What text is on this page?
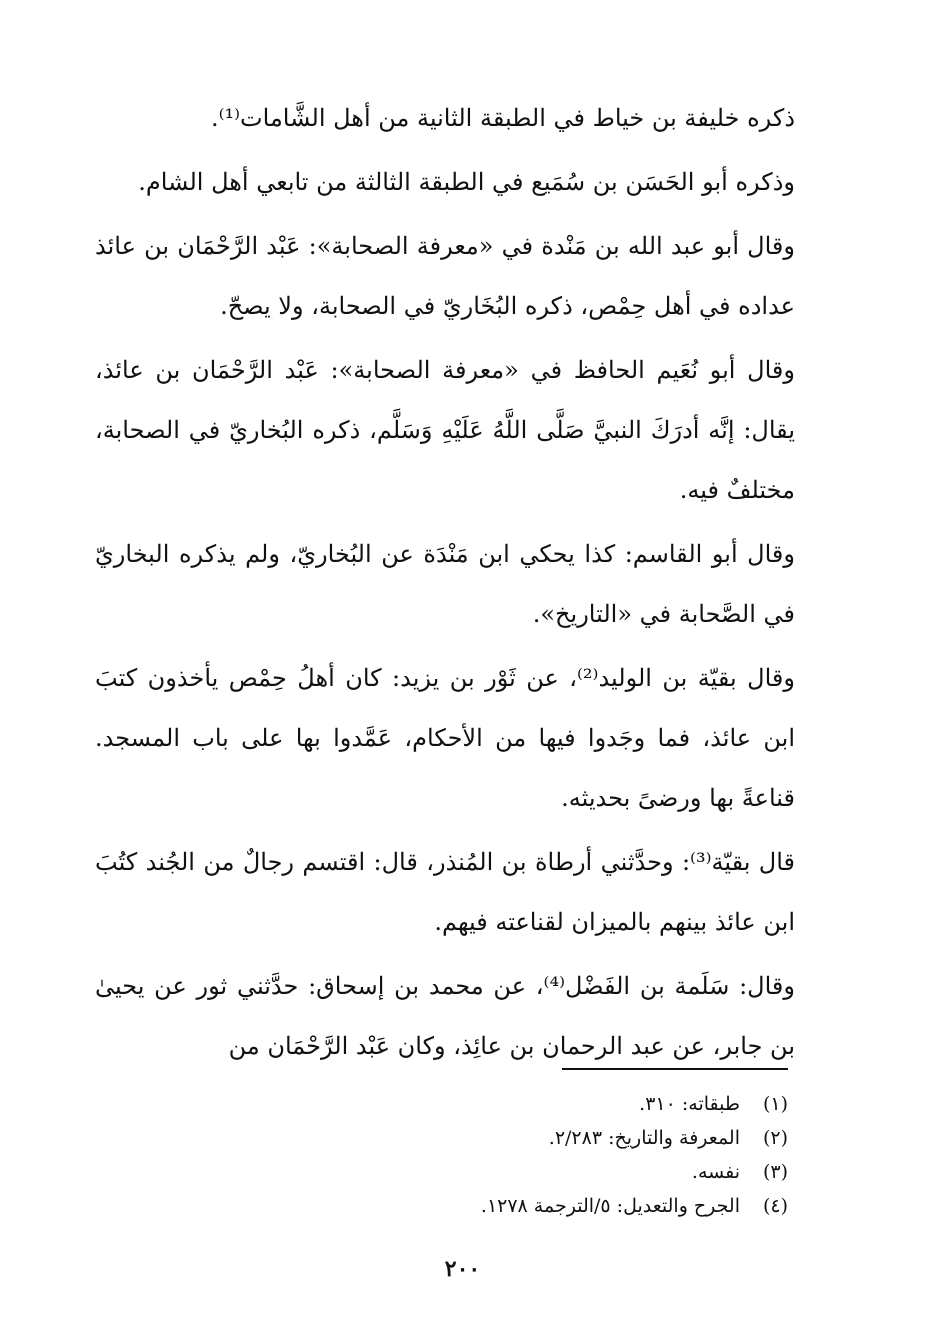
ذكره خليفة بن خياط في الطبقة الثانية من أهل الشَّامات⁽¹⁾.

وذكره أبو الحَسَن بن سُمَيع في الطبقة الثالثة من تابعي أهل الشام.

وقال أبو عبد الله بن مَنْدة في «معرفة الصحابة»: عَبْد الرَّحْمَان بن عائذ عداده في أهل حِمْص، ذكره البُخَاريّ في الصحابة، ولا يصحّ.

وقال أبو نُعَيم الحافظ في «معرفة الصحابة»: عَبْد الرَّحْمَان بن عائذ، يقال: إنَّه أدرَكَ النبيَّ صَلَّى اللَّهُ عَلَيْهِ وَسَلَّم، ذكره البُخاريّ في الصحابة، مختلفٌ فيه.

وقال أبو القاسم: كذا يحكي ابن مَنْدَة عن البُخاريّ، ولم يذكره البخاريّ في الصَّحابة في «التاريخ».

وقال بقيّة بن الوليد⁽²⁾، عن ثَوْر بن يزيد: كان أهلُ حِمْص يأخذون كتبَ ابن عائذ، فما وجَدوا فيها من الأحكام، عَمَّدوا بها على باب المسجد. قناعةً بها ورضىً بحديثه.

قال بقيّة⁽³⁾: وحدَّثني أرطاة بن المُنذر، قال: اقتسم رجالٌ من الجُند كتُبَ ابن عائذ بينهم بالميزان لقناعته فيهم.

وقال: سَلَمة بن الفَضْل⁽⁴⁾، عن محمد بن إسحاق: حدَّثني ثور عن يحيىٰ بن جابر، عن عبد الرحمان بن عائِذ، وكان عَبْد الرَّحْمَان من

(١)
طبقاته: ٣١٠.
(٢)
المعرفة والتاريخ: ٢/٢٨٣.
(٣)
نفسه.
(٤)
الجرح والتعديل: ٥/الترجمة ١٢٧٨.
٢٠٠
